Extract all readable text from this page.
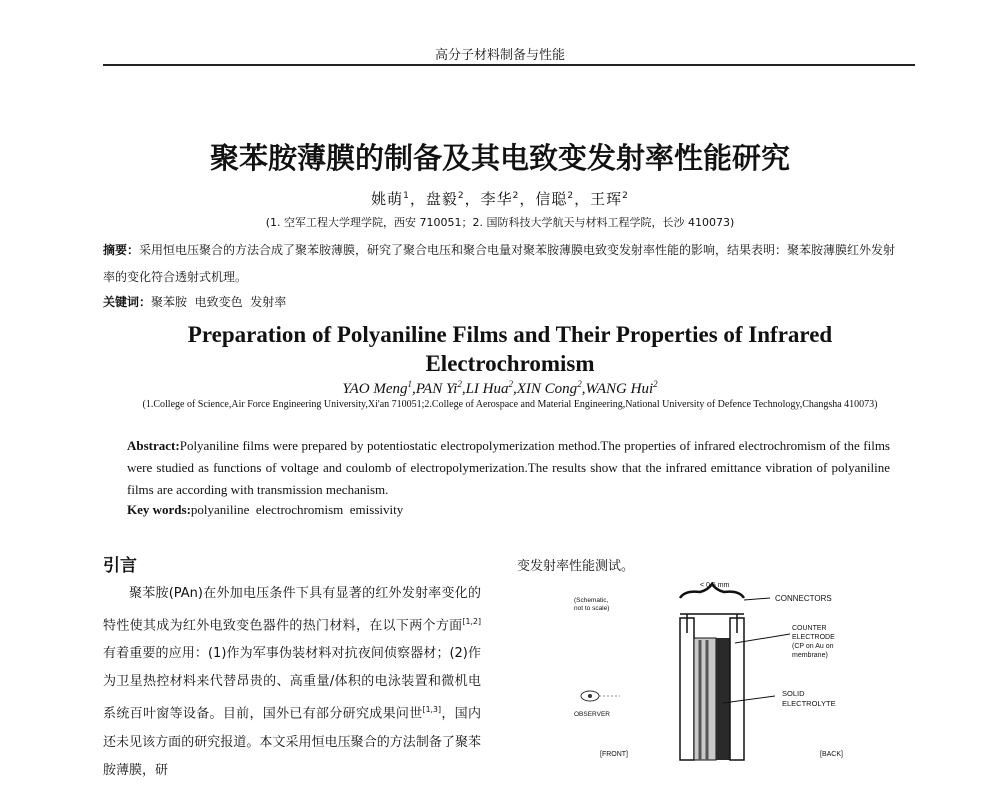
高分子材料制备与性能
聚苯胺薄膜的制备及其电致变发射率性能研究
姚萌$^1$，盘毅$^2$，李华$^2$，信聪$^2$，王珲$^2$
(1. 空军工程大学理学院，西安 710051；2. 国防科技大学航天与材料工程学院，长沙 410073)
摘要：采用恒电压聚合的方法合成了聚苯胺薄膜，研究了聚合电压和聚合电量对聚苯胺薄膜电致变发射率性能的影响，结果表明：聚苯胺薄膜红外发射率的变化符合透射式机理。
关键词：聚苯胺  电致变色  发射率
Preparation of Polyaniline Films and Their Properties of Infrared Electrochromism
YAO Meng$^1$,PAN Yi$^2$,LI Hua$^2$,XIN Cong$^2$,WANG Hui$^2$
(1.College of Science,Air Force Engineering University,Xi'an 710051;2.College of Aerospace and Material Engineering,National University of Defence Technology,Changsha 410073)
Abstract:Polyaniline films were prepared by potentiostatic electropolymerization method.The properties of infrared electrochromism of the films were studied as functions of voltage and coulomb of electropolymerization.The results show that the infrared emittance vibration of polyaniline films are according with transmission mechanism.
Key words:polyaniline  electrochromism  emissivity
引言
聚苯胺(PAn)在外加电压条件下具有显著的红外发射率变化的特性使其成为红外电致变色器件的热门材料，在以下两个方面[1,2]有着重要的应用：(1)作为军事伪装材料对抗夜间侦察器材；(2)作为卫星热控材料来代替昂贵的、高重量/体积的电泳装置和微机电系统百叶窗等设备。目前，国外已有部分研究成果问世[1,3]，国内还未见该方面的研究报道。本文采用恒电压聚合的方法制备了聚苯胺薄膜，研
变发射率性能测试。
< 0.5 mm
(Schematic,
not to scale)
CONNECTORS
COUNTER
ELECTRODE
(CP on Au on
membrane)
SOLID
ELECTROLYTE
OBSERVER
[FRONT]	[BACK]
